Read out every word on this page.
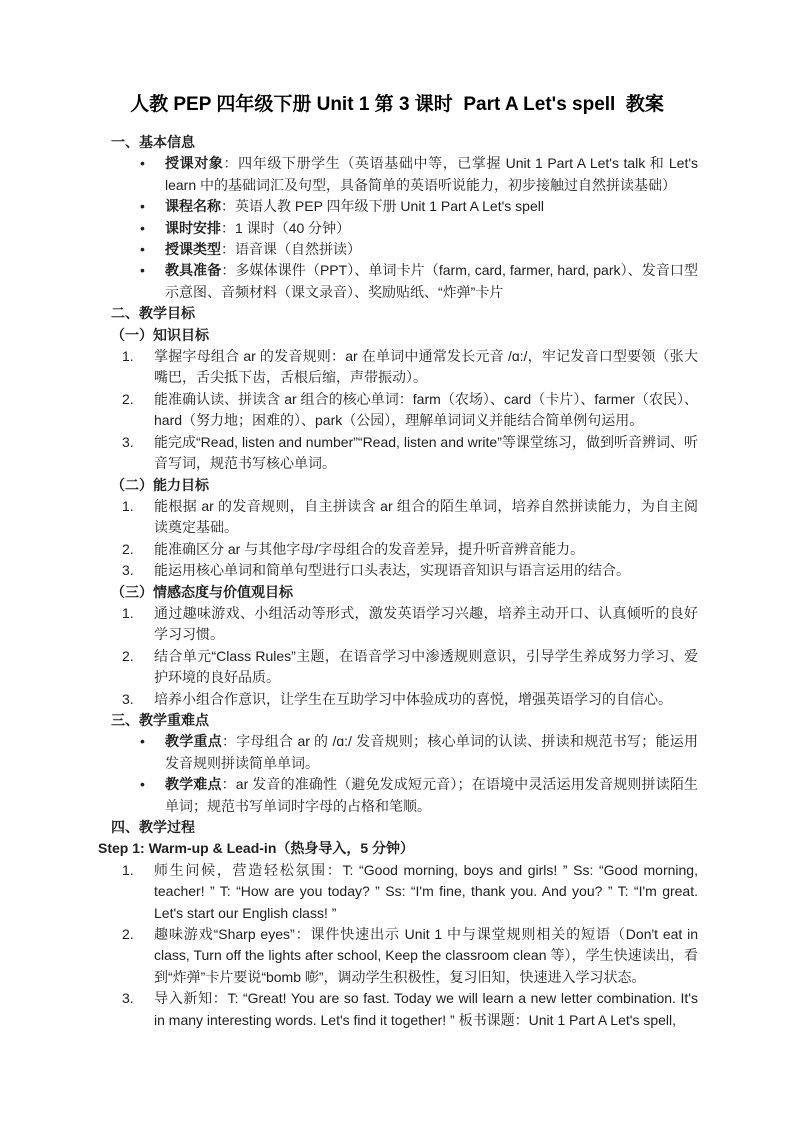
人教 PEP 四年级下册 Unit 1 第 3 课时  Part A Let's spell  教案
一、基本信息
• 授课对象：四年级下册学生（英语基础中等，已掌握 Unit 1 Part A Let's talk 和 Let's learn 中的基础词汇及句型，具备简单的英语听说能力，初步接触过自然拼读基础）
• 课程名称：英语人教 PEP 四年级下册 Unit 1 Part A Let's spell
• 课时安排：1 课时（40 分钟）
• 授课类型：语音课（自然拼读）
• 教具准备：多媒体课件（PPT）、单词卡片（farm, card, farmer, hard, park）、发音口型示意图、音频材料（课文录音）、奖励贴纸、“炸弹”卡片
二、教学目标
（一）知识目标
1. 掌握字母组合 ar 的发音规则：ar 在单词中通常发长元音 /ɑ:/，牢记发音口型要领（张大嘴巴，舌尖抵下齿，舌根后缩，声带振动）。
2. 能准确认读、拼读含 ar 组合的核心单词：farm（农场）、card（卡片）、farmer（农民）、hard（努力地；困难的）、park（公园），理解单词词义并能结合简单例句运用。
3. 能完成“Read, listen and number”“Read, listen and write”等课堂练习，做到听音辨词、听音写词，规范书写核心单词。
（二）能力目标
1. 能根据 ar 的发音规则，自主拼读含 ar 组合的陌生单词，培养自然拼读能力，为自主阅读奠定基础。
2. 能准确区分 ar 与其他字母/字母组合的发音差异，提升听音辨音能力。
3. 能运用核心单词和简单句型进行口头表达，实现语音知识与语言运用的结合。
（三）情感态度与价值观目标
1. 通过趣味游戏、小组活动等形式，激发英语学习兴趣，培养主动开口、认真倾听的良好学习习惯。
2. 结合单元“Class Rules”主题，在语音学习中渗透规则意识，引导学生养成努力学习、爱护环境的良好品质。
3. 培养小组合作意识，让学生在互助学习中体验成功的喜悦，增强英语学习的自信心。
三、教学重难点
• 教学重点：字母组合 ar 的 /ɑ:/ 发音规则；核心单词的认读、拼读和规范书写；能运用发音规则拼读简单单词。
• 教学难点：ar 发音的准确性（避免发成短元音）；在语境中灵活运用发音规则拼读陌生单词；规范书写单词时字母的占格和笔顺。
四、教学过程
Step 1: Warm-up & Lead-in（热身导入，5 分钟）
1. 师生问候，营造轻松氛围：T: “Good morning, boys and girls! ” Ss: “Good morning, teacher! ” T: “How are you today? ” Ss: “I'm fine, thank you. And you? ” T: “I'm great. Let's start our English class! ”
2. 趣味游戏“Sharp eyes”：课件快速出示 Unit 1 中与课堂规则相关的短语（Don't eat in class, Turn off the lights after school, Keep the classroom clean 等），学生快速读出，看到“炸弹”卡片要说“bomb 嘭”，调动学生积极性，复习旧知，快速进入学习状态。
3. 导入新知：T: “Great! You are so fast. Today we will learn a new letter combination. It's in many interesting words. Let's find it together! ” 板书课题：Unit 1 Part A Let's spell,
